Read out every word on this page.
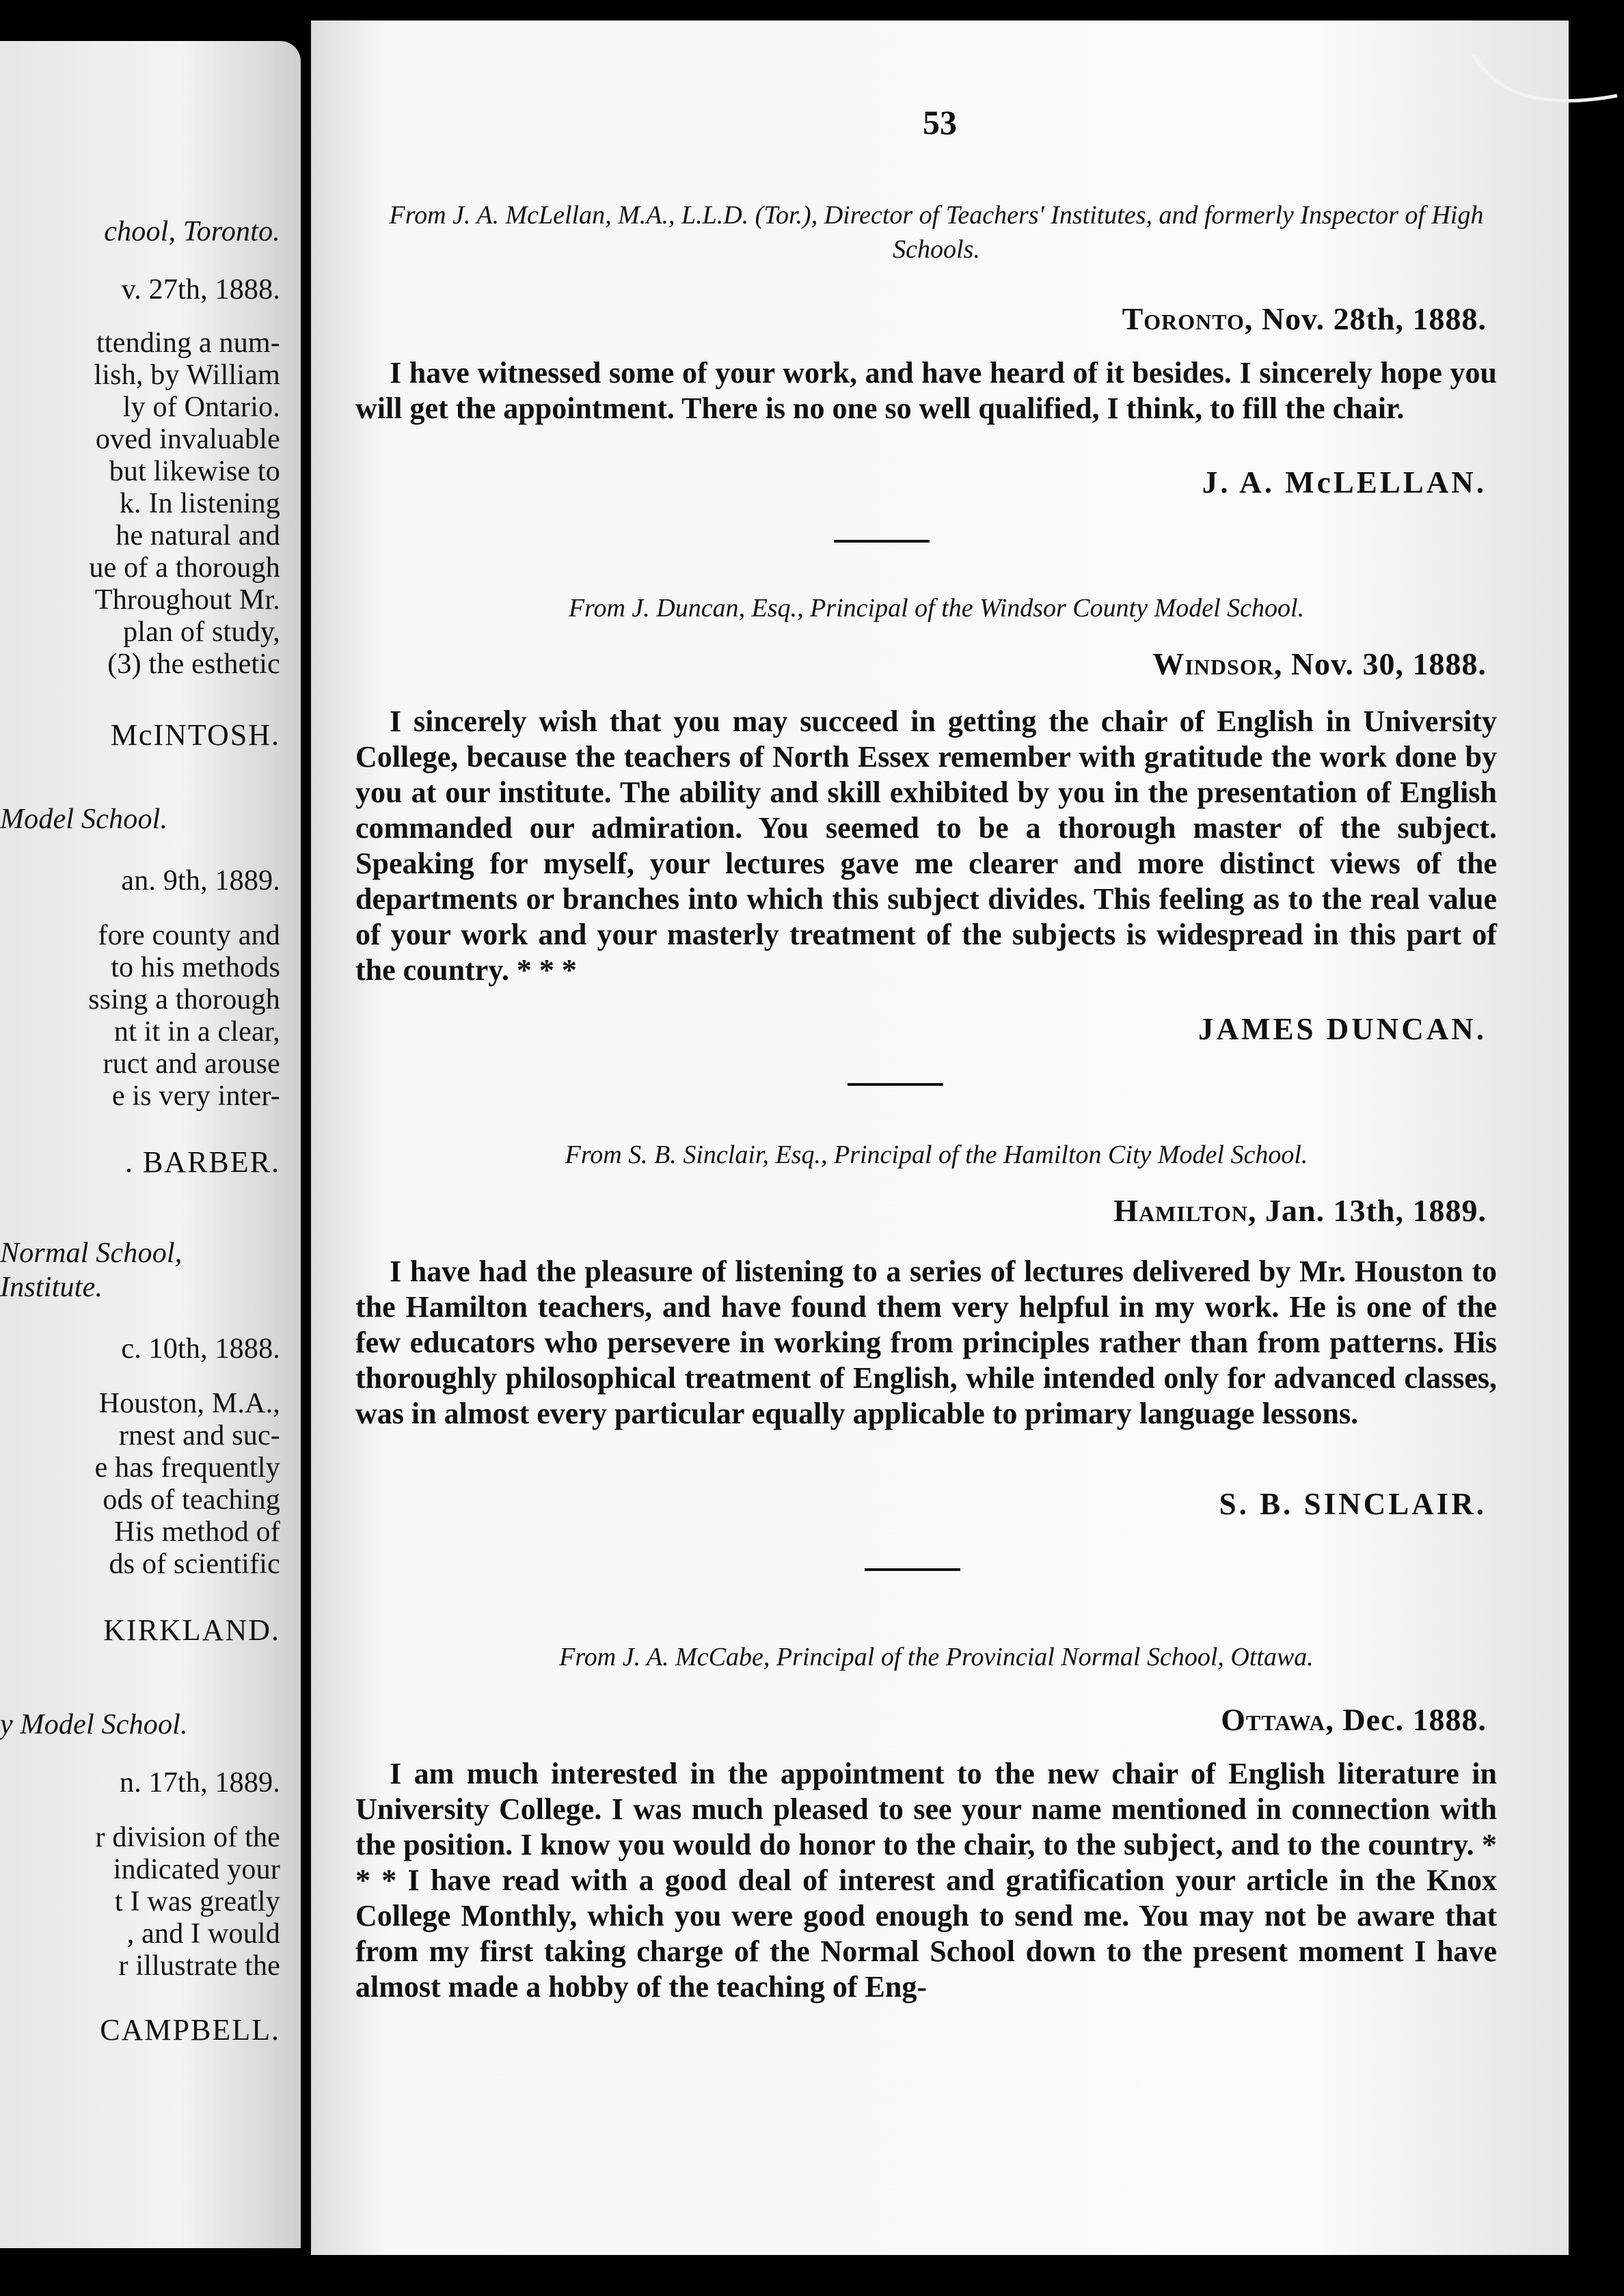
chool, Toronto.
v. 27th, 1888.
ttending a num-
lish, by William
ly of Ontario.
oved invaluable
but likewise to
k. In listening
he natural and
ue of a thorough
Throughout Mr.
plan of study,
(3) the esthetic
McINTOSH.
Model School.
an. 9th, 1889.
fore county and
to his methods
ssing a thorough
nt it in a clear,
ruct and arouse
e is very inter-
. BARBER.
Normal School,
Institute.
c. 10th, 1888.
Houston, M.A.,
rnest and suc-
e has frequently
ods of teaching
His method of
ds of scientific
KIRKLAND.
y Model School.
n. 17th, 1889.
r division of the
indicated your
t I was greatly
, and I would
r illustrate the
CAMPBELL.
53
From J. A. McLellan, M.A., L.L.D. (Tor.), Director of Teachers' Institutes, and formerly Inspector of High Schools.
Toronto, Nov. 28th, 1888.
I have witnessed some of your work, and have heard of it besides. I sincerely hope you will get the appointment. There is no one so well qualified, I think, to fill the chair.
J. A. McLELLAN.
From J. Duncan, Esq., Principal of the Windsor County Model School.
Windsor, Nov. 30, 1888.
I sincerely wish that you may succeed in getting the chair of English in University College, because the teachers of North Essex remember with gratitude the work done by you at our institute. The ability and skill exhibited by you in the presentation of English commanded our admiration. You seemed to be a thorough master of the subject. Speaking for myself, your lectures gave me clearer and more distinct views of the departments or branches into which this subject divides. This feeling as to the real value of your work and your masterly treatment of the subjects is widespread in this part of the country. * * *
JAMES DUNCAN.
From S. B. Sinclair, Esq., Principal of the Hamilton City Model School.
Hamilton, Jan. 13th, 1889.
I have had the pleasure of listening to a series of lectures delivered by Mr. Houston to the Hamilton teachers, and have found them very helpful in my work. He is one of the few educators who persevere in working from principles rather than from patterns. His thoroughly philosophical treatment of English, while intended only for advanced classes, was in almost every particular equally applicable to primary language lessons.
S. B. SINCLAIR.
From J. A. McCabe, Principal of the Provincial Normal School, Ottawa.
Ottawa, Dec. 1888.
I am much interested in the appointment to the new chair of English literature in University College. I was much pleased to see your name mentioned in connection with the position. I know you would do honor to the chair, to the subject, and to the country. * * * I have read with a good deal of interest and gratification your article in the Knox College Monthly, which you were good enough to send me. You may not be aware that from my first taking charge of the Normal School down to the present moment I have almost made a hobby of the teaching of Eng-
